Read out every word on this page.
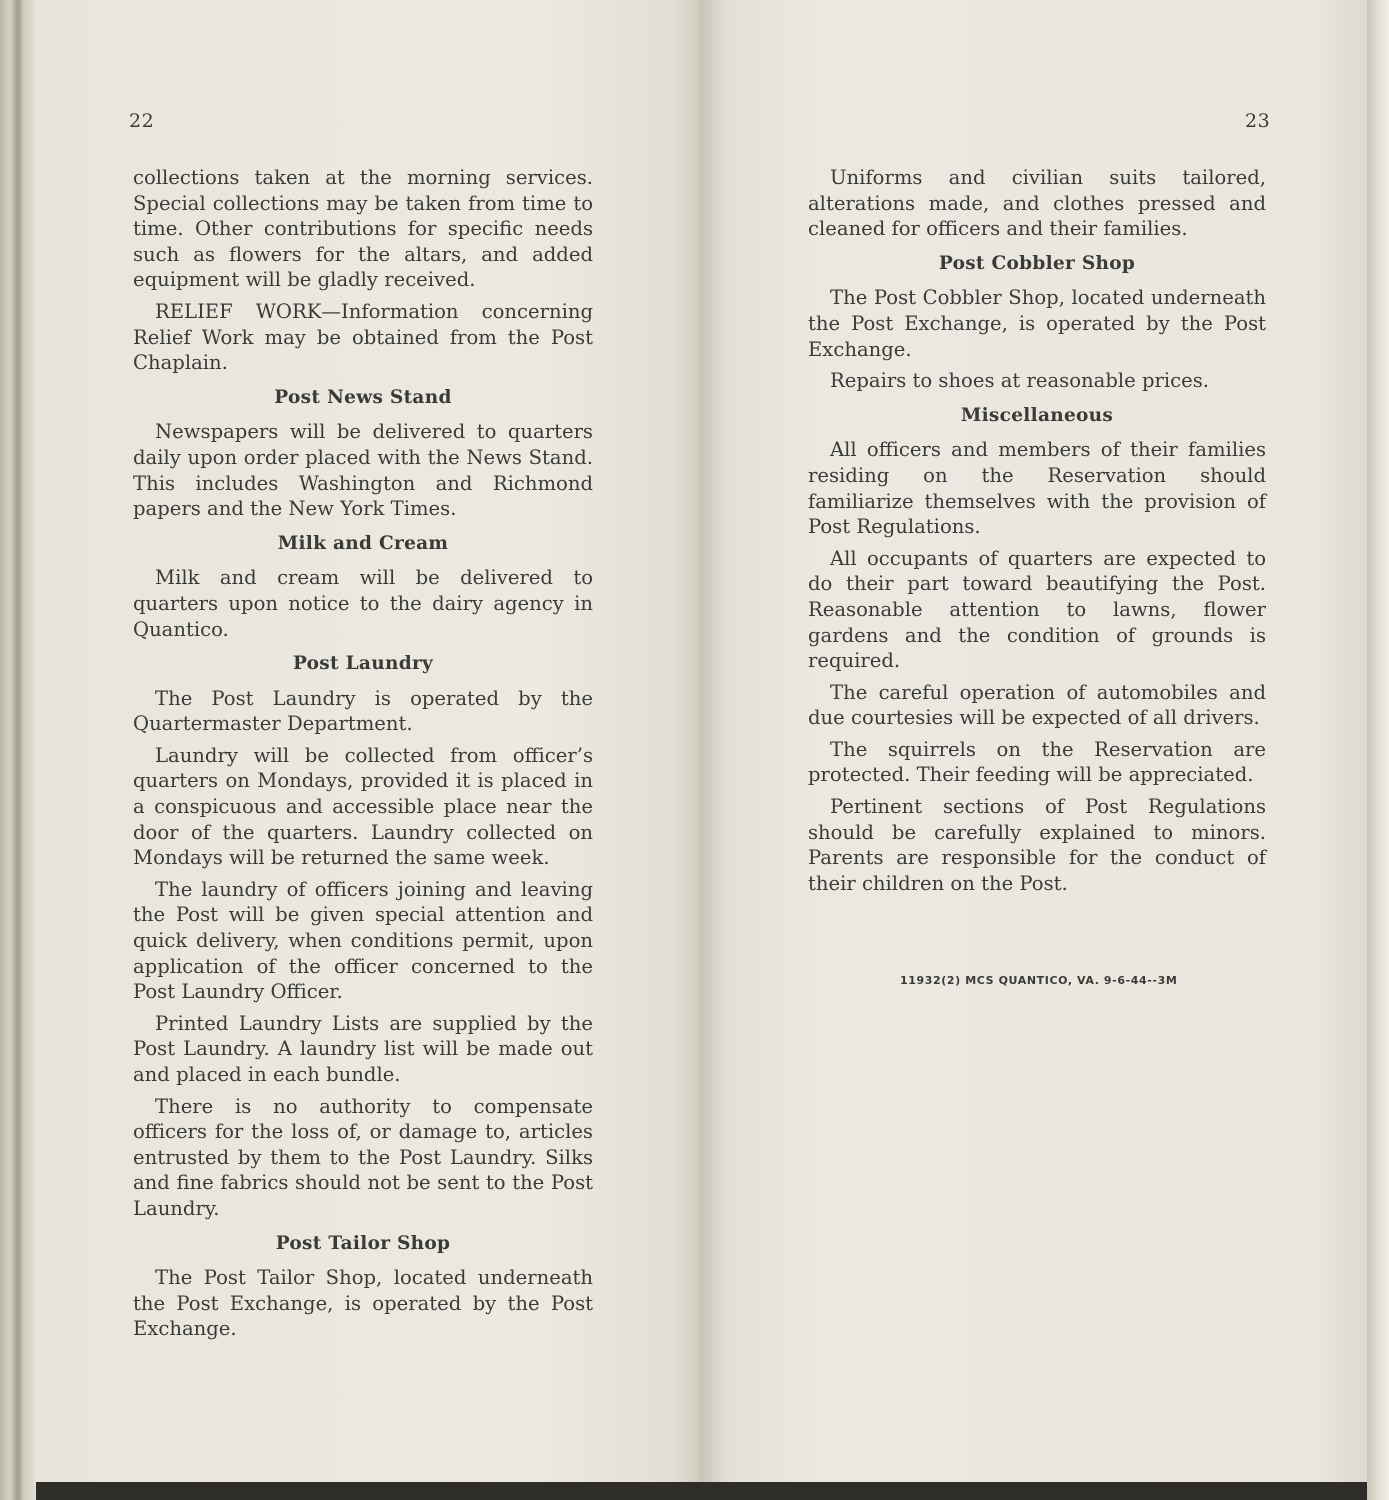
22	23

collections taken at the morning services. Special collections may be taken from time to time. Other contributions for specific needs such as flowers for the altars, and added equipment will be gladly received.

RELIEF WORK—Information concerning Relief Work may be obtained from the Post Chaplain.

Post News Stand

Newspapers will be delivered to quarters daily upon order placed with the News Stand. This includes Washington and Richmond papers and the New York Times.

Milk and Cream

Milk and cream will be delivered to quarters upon notice to the dairy agency in Quantico.

Post Laundry

The Post Laundry is operated by the Quartermaster Department.

Laundry will be collected from officer’s quarters on Mondays, provided it is placed in a conspicuous and accessible place near the door of the quarters. Laundry collected on Mondays will be returned the same week.

The laundry of officers joining and leaving the Post will be given special attention and quick delivery, when conditions permit, upon application of the officer concerned to the Post Laundry Officer.

Printed Laundry Lists are supplied by the Post Laundry. A laundry list will be made out and placed in each bundle.

There is no authority to compensate officers for the loss of, or damage to, articles entrusted by them to the Post Laundry. Silks and fine fabrics should not be sent to the Post Laundry.

Post Tailor Shop

The Post Tailor Shop, located underneath the Post Exchange, is operated by the Post Exchange.

Uniforms and civilian suits tailored, alterations made, and clothes pressed and cleaned for officers and their families.

Post Cobbler Shop

The Post Cobbler Shop, located underneath the Post Exchange, is operated by the Post Exchange.

Repairs to shoes at reasonable prices.

Miscellaneous

All officers and members of their families residing on the Reservation should familiarize themselves with the provision of Post Regulations.

All occupants of quarters are expected to do their part toward beautifying the Post. Reasonable attention to lawns, flower gardens and the condition of grounds is required.

The careful operation of automobiles and due courtesies will be expected of all drivers.

The squirrels on the Reservation are protected. Their feeding will be appreciated.

Pertinent sections of Post Regulations should be carefully explained to minors. Parents are responsible for the conduct of their children on the Post.

11932(2) MCS QUANTICO, VA. 9-6-44--3M
